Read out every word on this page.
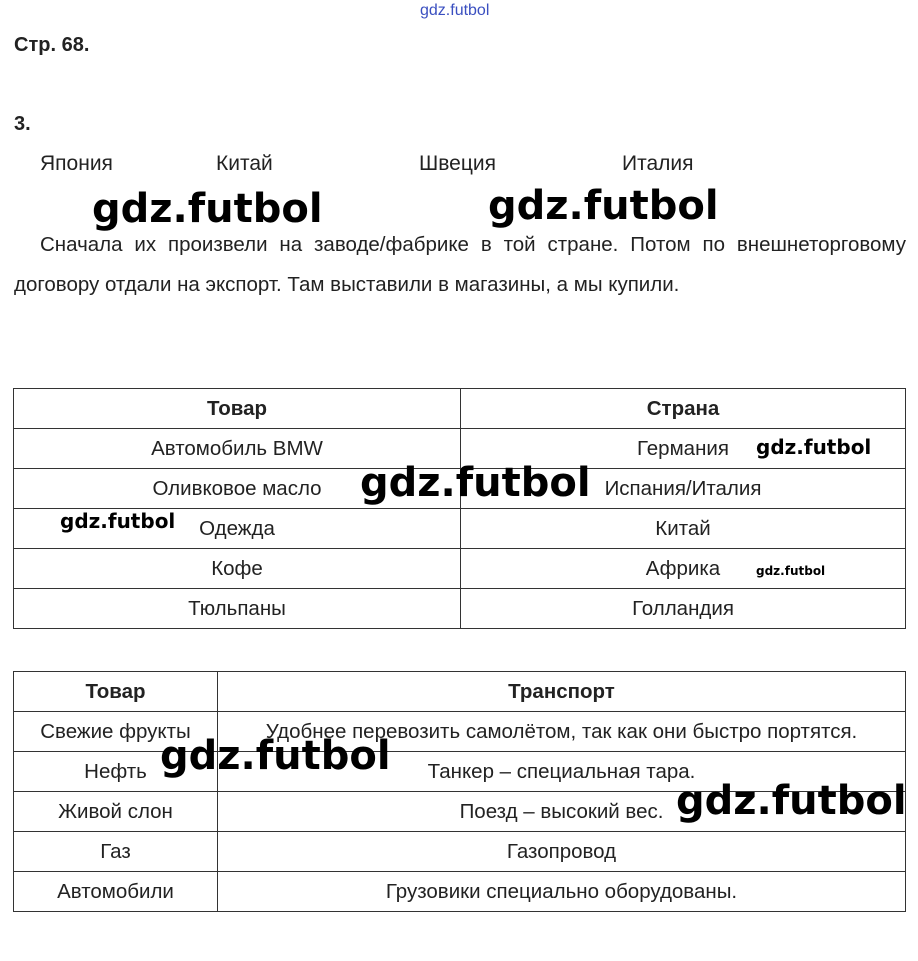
gdz.futbol
Стр. 68.
3.
Япония	Китай	Швеция	Италия

Сначала их произвели на заводе/фабрике в той стране. Потом по внешнеторговому договору отдали на экспорт. Там выставили в магазины, а мы купили.

Товар	Страна
Автомобиль BMW	Германия
Оливковое масло	Испания/Италия
Одежда	Китай
Кофе	Африка
Тюльпаны	Голландия
Товар	Транспорт
Свежие фрукты	Удобнее перевозить самолётом, так как они быстро портятся.
Нефть	Танкер – специальная тара.
Живой слон	Поезд – высокий вес.
Газ	Газопровод
Автомобили	Грузовики специально оборудованы.
gdz.futbol	gdz.futbol
gdz.futbol
gdz.futbol
gdz.futbol
gdz.futbol
gdz.futbol
gdz.futbol
